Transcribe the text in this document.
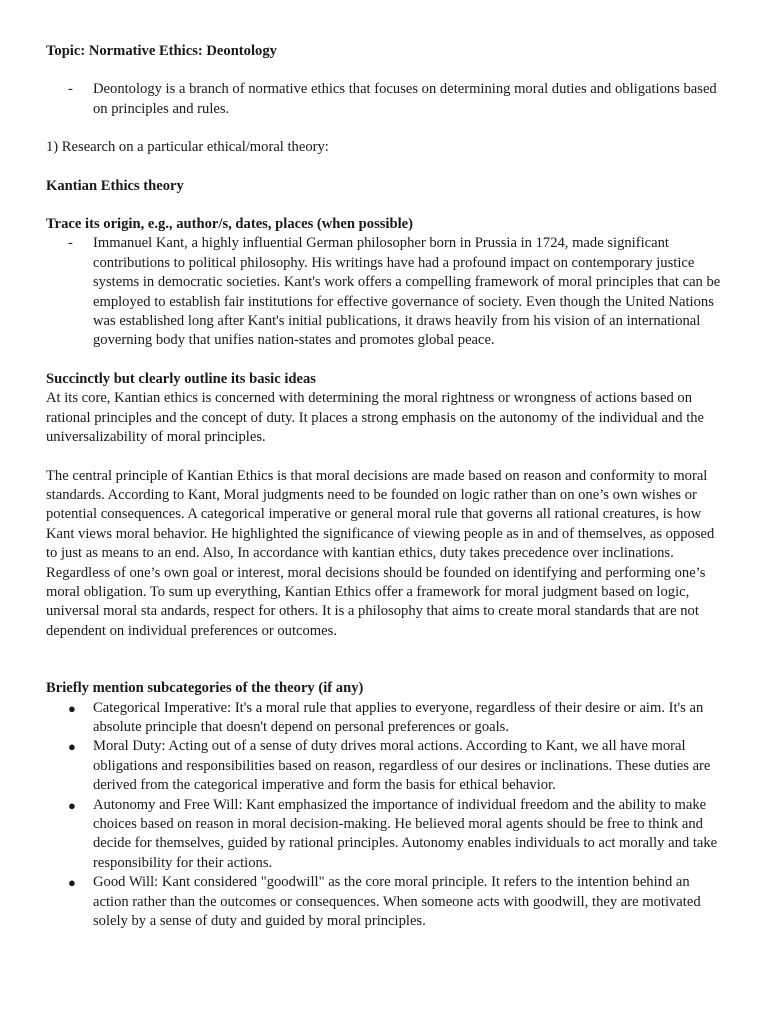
Topic: Normative Ethics: Deontology

- Deontology is a branch of normative ethics that focuses on determining moral duties and obligations based on principles and rules.

1) Research on a particular ethical/moral theory:

Kantian Ethics theory

Trace its origin, e.g., author/s, dates, places (when possible)

- Immanuel Kant, a highly influential German philosopher born in Prussia in 1724, made significant contributions to political philosophy. His writings have had a profound impact on contemporary justice systems in democratic societies. Kant's work offers a compelling framework of moral principles that can be employed to establish fair institutions for effective governance of society. Even though the United Nations was established long after Kant's initial publications, it draws heavily from his vision of an international governing body that unifies nation-states and promotes global peace.

Succinctly but clearly outline its basic ideas

At its core, Kantian ethics is concerned with determining the moral rightness or wrongness of actions based on rational principles and the concept of duty. It places a strong emphasis on the autonomy of the individual and the universalizability of moral principles.

The central principle of Kantian Ethics is that moral decisions are made based on reason and conformity to moral standards. According to Kant, Moral judgments need to be founded on logic rather than on one’s own wishes or potential consequences. A categorical imperative or general moral rule that governs all rational creatures, is how Kant views moral behavior. He highlighted the significance of viewing people as in and of themselves, as opposed to just as means to an end. Also, In accordance with kantian ethics, duty takes precedence over inclinations. Regardless of one’s own goal or interest, moral decisions should be founded on identifying and performing one’s moral obligation. To sum up everything, Kantian Ethics offer a framework for moral judgment based on logic, universal moral sta andards, respect for others. It is a philosophy that aims to create moral standards that are not dependent on individual preferences or outcomes.

Briefly mention subcategories of the theory (if any)

● Categorical Imperative: It's a moral rule that applies to everyone, regardless of their desire or aim. It's an absolute principle that doesn't depend on personal preferences or goals.
● Moral Duty: Acting out of a sense of duty drives moral actions. According to Kant, we all have moral obligations and responsibilities based on reason, regardless of our desires or inclinations. These duties are derived from the categorical imperative and form the basis for ethical behavior.
● Autonomy and Free Will: Kant emphasized the importance of individual freedom and the ability to make choices based on reason in moral decision-making. He believed moral agents should be free to think and decide for themselves, guided by rational principles. Autonomy enables individuals to act morally and take responsibility for their actions.
● Good Will: Kant considered "goodwill" as the core moral principle. It refers to the intention behind an action rather than the outcomes or consequences. When someone acts with goodwill, they are motivated solely by a sense of duty and guided by moral principles.
